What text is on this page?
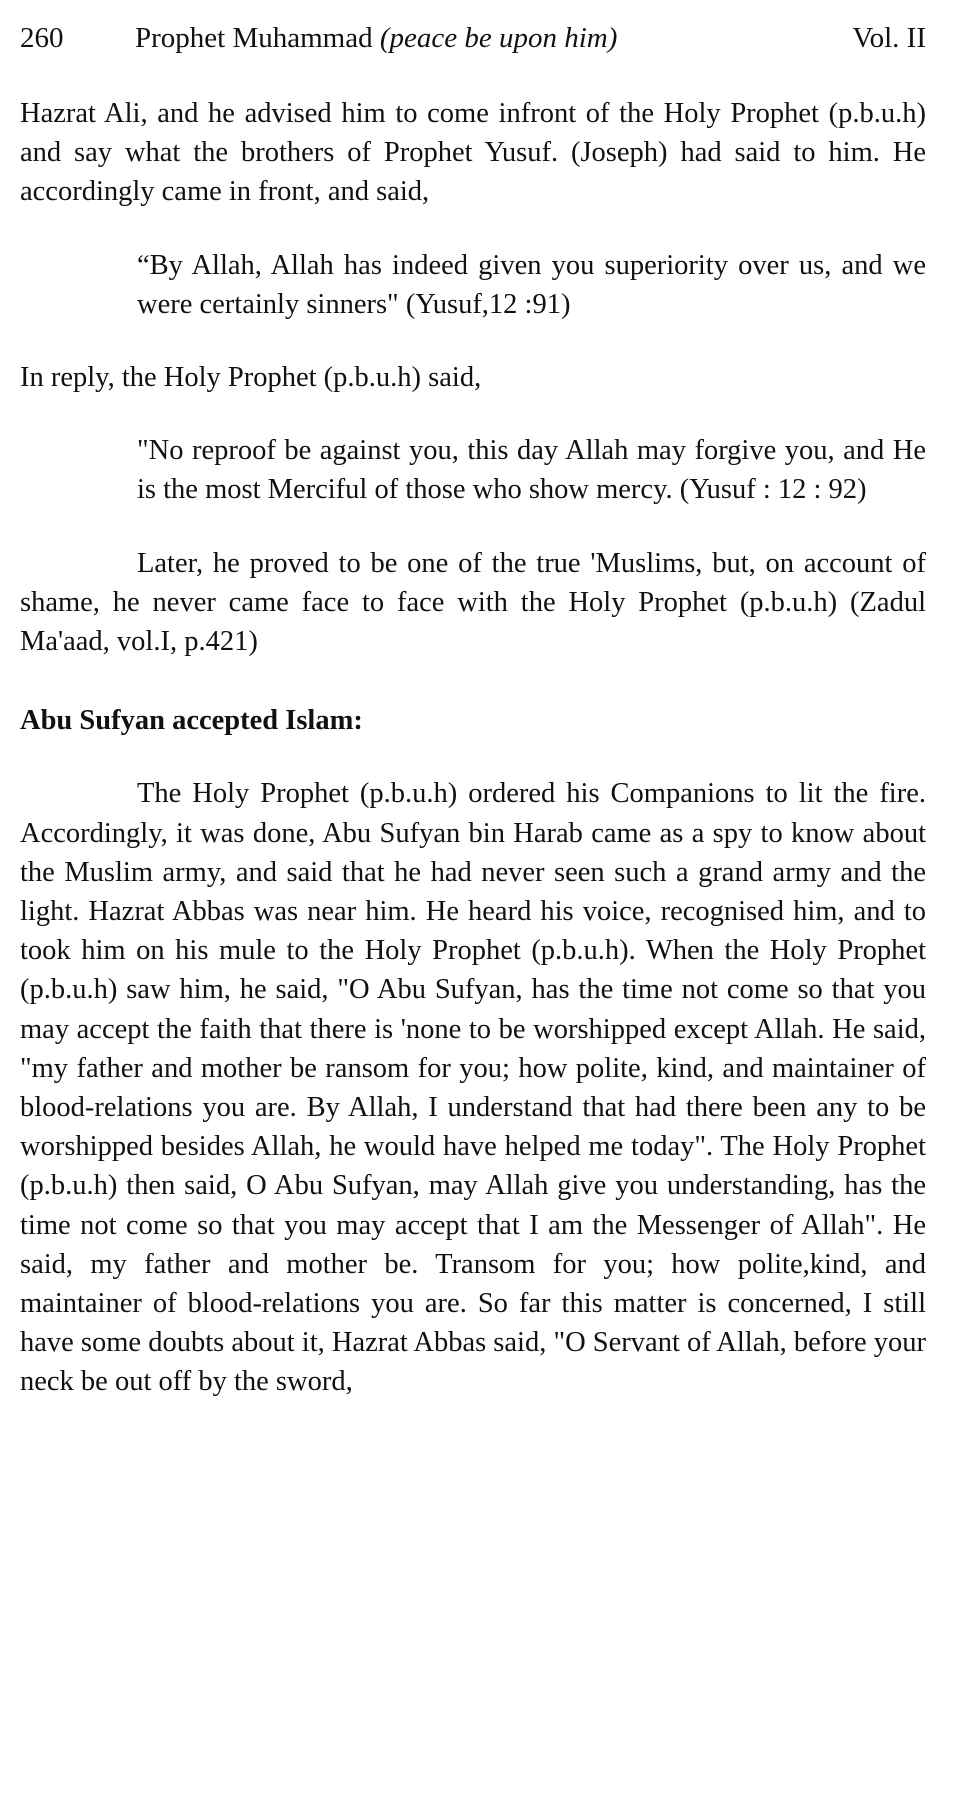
260	Prophet Muhammad (peace be upon him)	Vol. II

Hazrat Ali, and he advised him to come infront of the Holy Prophet (p.b.u.h) and say what the brothers of Prophet Yusuf. (Joseph) had said to him. He accordingly came in front, and said,

“By Allah, Allah has indeed given you superiority over us, and we were certainly sinners" (Yusuf,12 :91)

In reply, the Holy Prophet (p.b.u.h) said,

"No reproof be against you, this day Allah may forgive you, and He is the most Merciful of those who show mercy. (Yusuf : 12 : 92)

Later, he proved to be one of the true 'Muslims, but, on account of shame, he never came face to face with the Holy Prophet (p.b.u.h) (Zadul Ma'aad, vol.I, p.421)

Abu Sufyan accepted Islam:

The Holy Prophet (p.b.u.h) ordered his Companions to lit the fire. Accordingly, it was done, Abu Sufyan bin Harab came as a spy to know about the Muslim army, and said that he had never seen such a grand army and the light. Hazrat Abbas was near him. He heard his voice, recognised him, and to took him on his mule to the Holy Prophet (p.b.u.h). When the Holy Prophet (p.b.u.h) saw him, he said, "O Abu Sufyan, has the time not come so that you may accept the faith that there is 'none to be worshipped except Allah. He said, "my father and mother be ransom for you; how polite, kind, and maintainer of blood-relations you are. By Allah, I understand that had there been any to be worshipped besides Allah, he would have helped me today". The Holy Prophet (p.b.u.h) then said, O Abu Sufyan, may Allah give you understanding, has the time not come so that you may accept that I am the Messenger of Allah". He said, my father and mother be. Transom for you; how polite,kind, and maintainer of blood-relations you are. So far this matter is concerned, I still have some doubts about it, Hazrat Abbas said, "O Servant of Allah, before your neck be out off by the sword,
